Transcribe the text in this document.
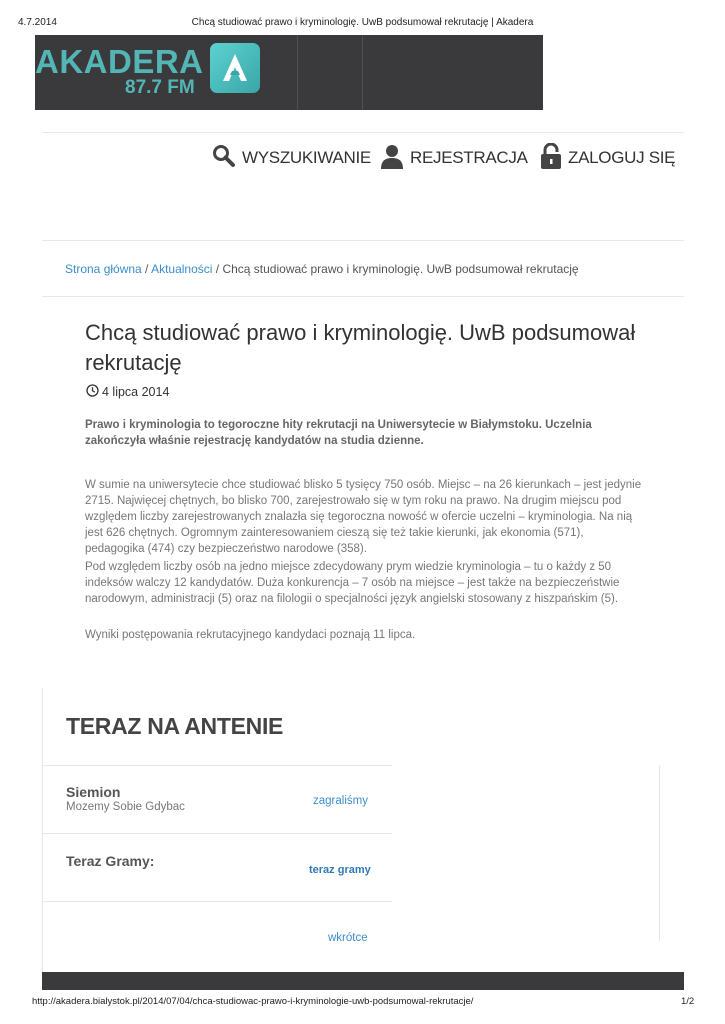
4.7.2014	Chcą studiować prawo i kryminologię. UwB podsumował rekrutację | Akadera
AKADERA
87.7 FM
WYSZUKIWANIE REJESTRACJA ZALOGUJ SIĘ
Strona główna / Aktualności / Chcą studiować prawo i kryminologię. UwB podsumował rekrutację
Chcą studiować prawo i kryminologię. UwB podsumował rekrutację
4 lipca 2014
Prawo i kryminologia to tegoroczne hity rekrutacji na Uniwersytecie w Białymstoku. Uczelnia zakończyła właśnie rejestrację kandydatów na studia dzienne.
W sumie na uniwersytecie chce studiować blisko 5 tysięcy 750 osób. Miejsc – na 26 kierunkach – jest jedynie 2715. Najwięcej chętnych, bo blisko 700, zarejestrowało się w tym roku na prawo. Na drugim miejscu pod względem liczby zarejestrowanych znalazła się tegoroczna nowość w ofercie uczelni – kryminologia. Na nią jest 626 chętnych. Ogromnym zainteresowaniem cieszą się też takie kierunki, jak ekonomia (571), pedagogika (474) czy bezpieczeństwo narodowe (358).
Pod względem liczby osób na jedno miejsce zdecydowany prym wiedzie kryminologia – tu o każdy z 50 indeksów walczy 12 kandydatów. Duża konkurencja – 7 osób na miejsce – jest także na bezpieczeństwie narodowym, administracji (5) oraz na filologii o specjalności język angielski stosowany z hiszpańskim (5).
Wyniki postępowania rekrutacyjnego kandydaci poznają 11 lipca.
TERAZ NA ANTENIE
Siemion
Mozemy Sobie Gdybac	zagraliśmy
Teraz Gramy:
teraz gramy
wkrótce
http://akadera.bialystok.pl/2014/07/04/chca-studiowac-prawo-i-kryminologie-uwb-podsumowal-rekrutacje/	1/2
